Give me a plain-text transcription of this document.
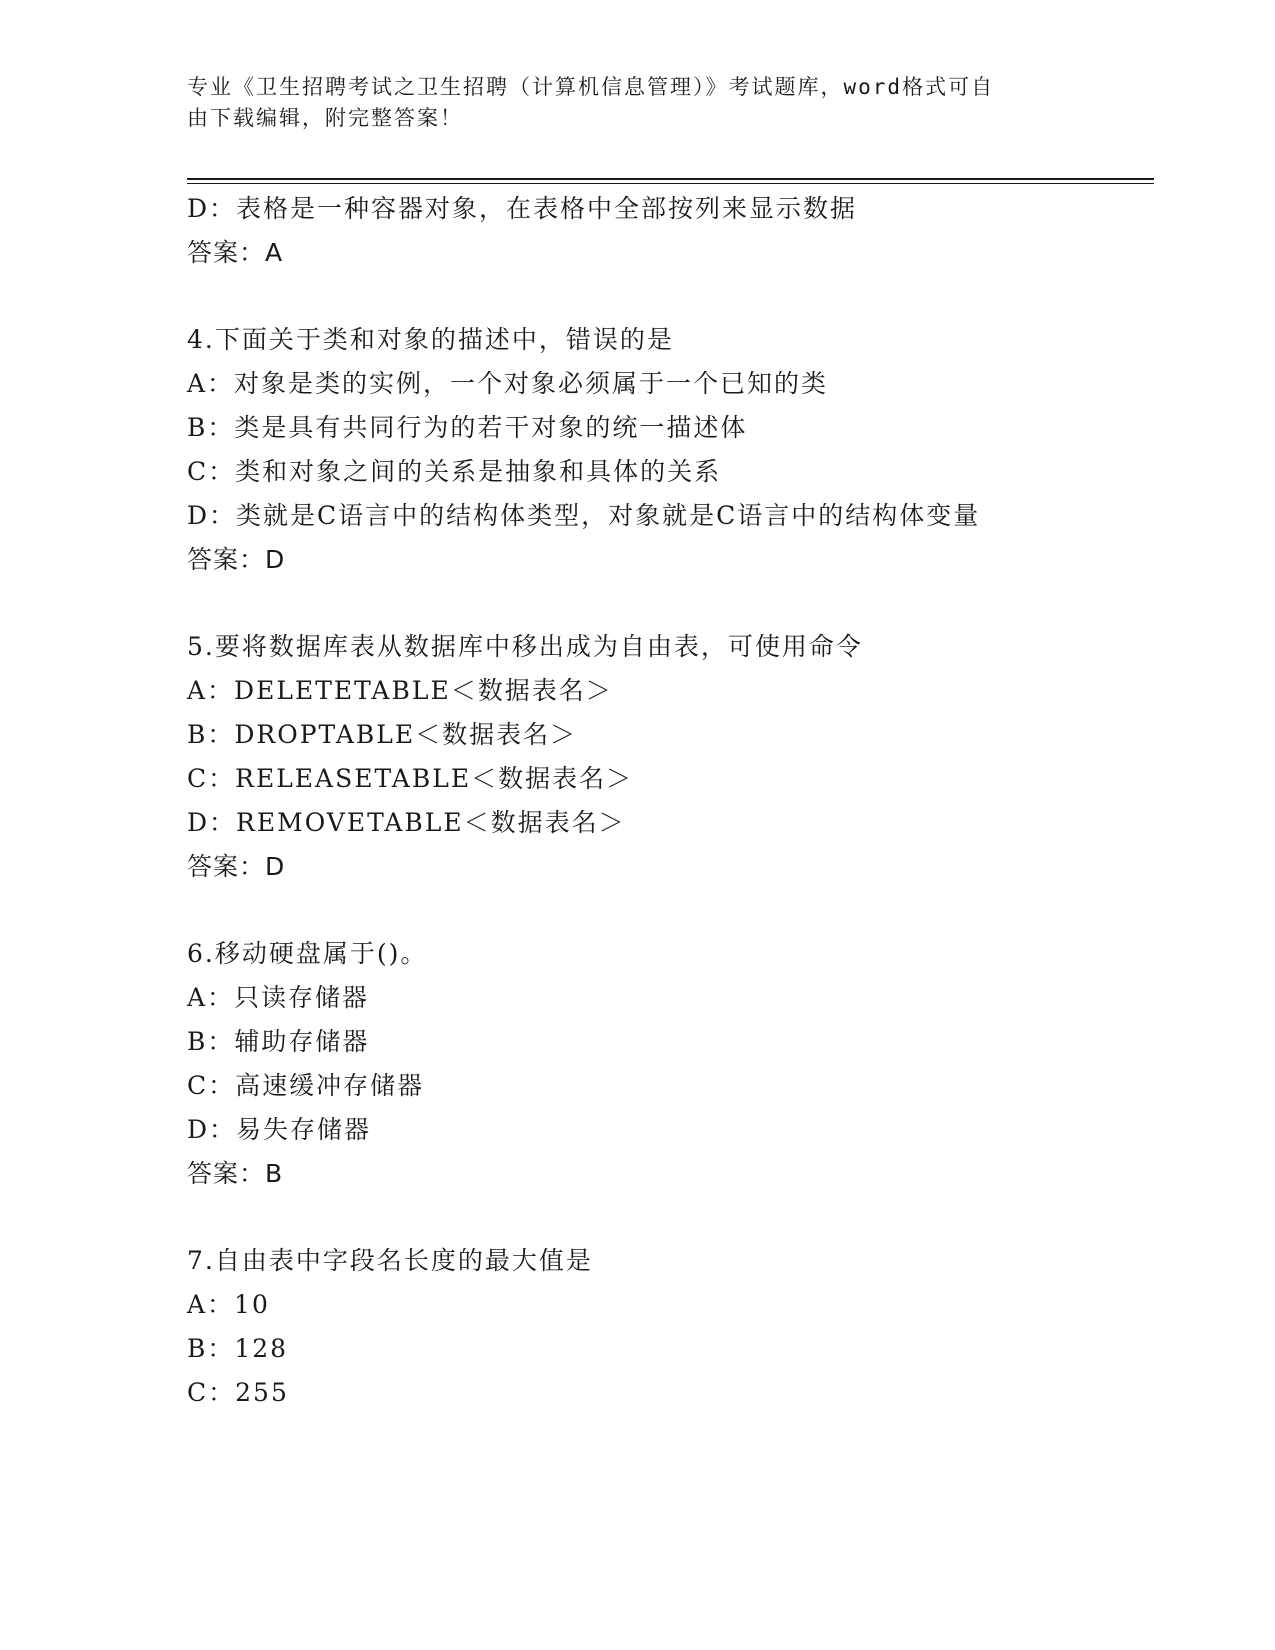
专业《卫生招聘考试之卫生招聘（计算机信息管理）》考试题库，word格式可自
由下载编辑，附完整答案！
D：表格是一种容器对象，在表格中全部按列来显示数据
答案：A
4.下面关于类和对象的描述中，错误的是
A：对象是类的实例，一个对象必须属于一个已知的类
B：类是具有共同行为的若干对象的统一描述体
C：类和对象之间的关系是抽象和具体的关系
D：类就是C语言中的结构体类型，对象就是C语言中的结构体变量
答案：D
5.要将数据库表从数据库中移出成为自由表，可使用命令
A：DELETETABLE＜数据表名＞
B：DROPTABLE＜数据表名＞
C：RELEASETABLE＜数据表名＞
D：REMOVETABLE＜数据表名＞
答案：D
6.移动硬盘属于()。
A：只读存储器
B：辅助存储器
C：高速缓冲存储器
D：易失存储器
答案：B
7.自由表中字段名长度的最大值是
A：10
B：128
C：255
